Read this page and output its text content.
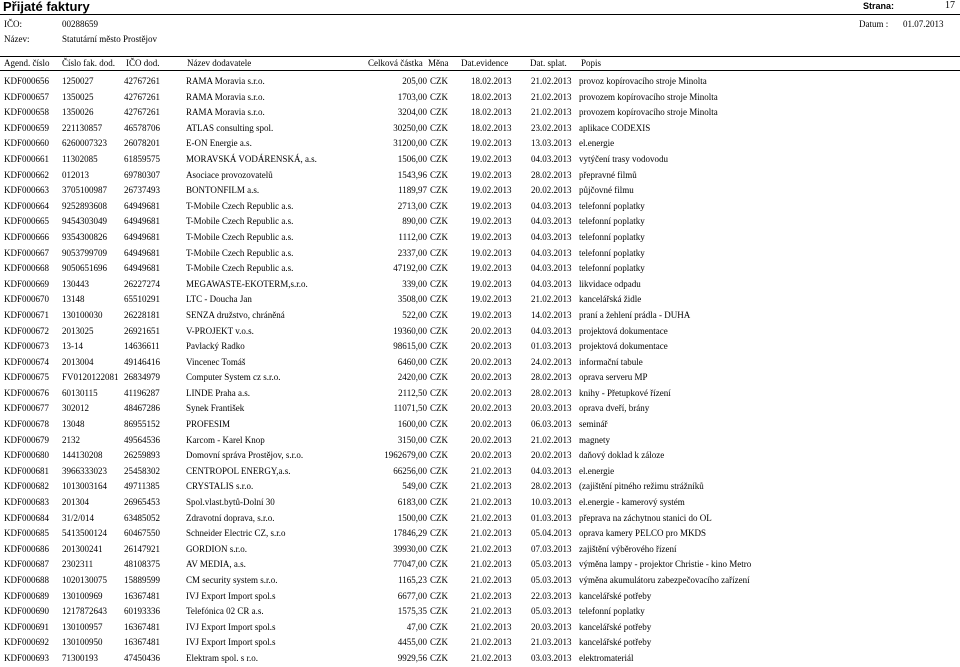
Přijaté faktury	Strana:	17
IČO:	00288659	Datum : 01.07.2013
Název:	Statutární město Prostějov
Agend. číslo Číslo fak. dod. IČO dod.	Název dodavatele	Celková částka Měna Dat.evidence Dat. splat. Popis
KDF000656 1250027	42767261	RAMA Moravia s.r.o.	205,00 CZK	18.02.2013 21.02.2013 provoz kopírovacího stroje Minolta
KDF000657 1350025	42767261	RAMA Moravia s.r.o.	1703,00 CZK	18.02.2013 21.02.2013 provozem kopírovacího stroje Minolta
KDF000658 1350026	42767261	RAMA Moravia s.r.o.	3204,00 CZK	18.02.2013 21.02.2013 provozem kopírovacího stroje Minolta
KDF000659 221130857 46578706	ATLAS consulting spol.	30250,00 CZK	18.02.2013 23.02.2013 aplikace CODEXIS
KDF000660 6260007323 26078201	E-ON Energie a.s.	31200,00 CZK	19.02.2013 13.03.2013 el.energie
KDF000661 11302085	61859575	MORAVSKÁ VODÁRENSKÁ, a.s.	1506,00 CZK	19.02.2013 04.03.2013 vytýčení trasy vodovodu
KDF000662 012013	69780307	Asociace provozovatelů	1543,96 CZK	19.02.2013 28.02.2013 přepravné filmů
KDF000663 3705100987 26737493	BONTONFILM a.s.	1189,97 CZK	19.02.2013 20.02.2013 půjčovné filmu
KDF000664 9252893608 64949681	T-Mobile Czech Republic a.s.	2713,00 CZK	19.02.2013 04.03.2013 telefonní poplatky
KDF000665 9454303049 64949681	T-Mobile Czech Republic a.s.	890,00 CZK	19.02.2013 04.03.2013 telefonní poplatky
KDF000666 9354300826 64949681	T-Mobile Czech Republic a.s.	1112,00 CZK	19.02.2013 04.03.2013 telefonní poplatky
KDF000667 9053799709 64949681	T-Mobile Czech Republic a.s.	2337,00 CZK	19.02.2013 04.03.2013 telefonní poplatky
KDF000668 9050651696 64949681	T-Mobile Czech Republic a.s.	47192,00 CZK	19.02.2013 04.03.2013 telefonní poplatky
KDF000669 130443	26227274	MEGAWASTE-EKOTERM,s.r.o.	339,00 CZK	19.02.2013 04.03.2013 likvidace odpadu
KDF000670 13148	65510291	LTC - Doucha Jan	3508,00 CZK	19.02.2013 21.02.2013 kancelářská židle
KDF000671 130100030 26228181	SENZA družstvo, chráněná	522,00 CZK	19.02.2013 14.02.2013 praní a žehlení prádla - DUHA
KDF000672 2013025	26921651	V-PROJEKT v.o.s.	19360,00 CZK	20.02.2013 04.03.2013 projektová dokumentace
KDF000673 13-14	14636611	Pavlacký Radko	98615,00 CZK	20.02.2013 01.03.2013 projektová dokumentace
KDF000674 2013004	49146416	Vincenec Tomáš	6460,00 CZK	20.02.2013 24.02.2013 informační tabule
KDF000675 FV0120122081 26834979	Computer System cz s.r.o.	2420,00 CZK	20.02.2013 28.02.2013 oprava serveru MP
KDF000676 60130115	41196287	LINDE Praha a.s.	2112,50 CZK	20.02.2013 28.02.2013 knihy - Přetupkové řízení
KDF000677 302012	48467286	Synek František	11071,50 CZK	20.02.2013 20.03.2013 oprava dveří, brány
KDF000678 13048	86955152	PROFESIM	1600,00 CZK	20.02.2013 06.03.2013 seminář
KDF000679 2132	49564536	Karcom - Karel Knop	3150,00 CZK	20.02.2013 21.02.2013 magnety
KDF000680 144130208 26259893	Domovní správa Prostějov, s.r.o.	1962679,00 CZK	20.02.2013 20.02.2013 daňový doklad k záloze
KDF000681 3966333023 25458302	CENTROPOL ENERGY,a.s.	66256,00 CZK	21.02.2013 04.03.2013 el.energie
KDF000682 1013003164 49711385	CRYSTALIS s.r.o.	549,00 CZK	21.02.2013 28.02.2013 (zajištění pitného režimu strážníků
KDF000683 201304	26965453	Spol.vlast.bytů-Dolní 30	6183,00 CZK	21.02.2013 10.03.2013 el.energie - kamerový systém
KDF000684 31/2/014	63485052	Zdravotní doprava, s.r.o.	1500,00 CZK	21.02.2013 01.03.2013 přeprava na záchytnou stanici do OL
KDF000685 5413500124 60467550	Schneider Electric CZ, s.r.o	17846,29 CZK	21.02.2013 05.04.2013 oprava kamery PELCO pro MKDS
KDF000686 201300241 26147921	GORDION s.r.o.	39930,00 CZK	21.02.2013 07.03.2013 zajištění výběrového řízení
KDF000687 2302311	48108375	AV MEDIA, a.s.	77047,00 CZK	21.02.2013 05.03.2013 výměna lampy - projektor Christie - kino Metro
KDF000688 1020130075 15889599	CM security system s.r.o.	1165,23 CZK	21.02.2013 05.03.2013 výměna akumulátoru zabezpečovacího zařízení
KDF000689 130100969 16367481	IVJ Export Import spol.s	6677,00 CZK	21.02.2013 22.03.2013 kancelářské potřeby
KDF000690 1217872643 60193336	Telefónica 02 CR a.s.	1575,35 CZK	21.02.2013 05.03.2013 telefonní poplatky
KDF000691 130100957 16367481	IVJ Export Import spol.s	47,00 CZK	21.02.2013 20.03.2013 kancelářské potřeby
KDF000692 130100950 16367481	IVJ Export Import spol.s	4455,00 CZK	21.02.2013 21.03.2013 kancelářské potřeby
KDF000693 71300193	47450436	Elektram spol. s r.o.	9929,56 CZK	21.02.2013 03.03.2013 elektromateriál
